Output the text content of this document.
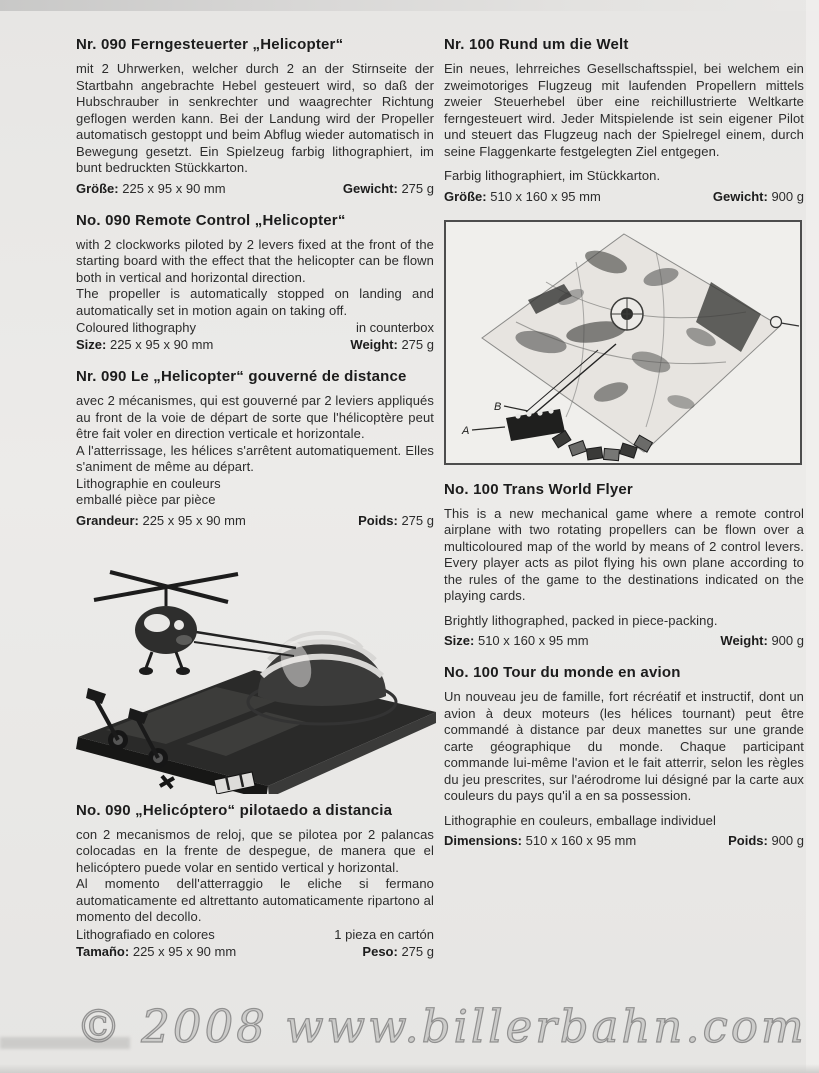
Nr. 090 Ferngesteuerter „Helicopter“

mit 2 Uhrwerken, welcher durch 2 an der Stirnseite der Startbahn angebrachte Hebel gesteuert wird, so daß der Hubschrauber in senkrechter und waagrechter Richtung geflogen werden kann. Bei der Landung wird der Propeller automatisch gestoppt und beim Abflug wieder automatisch in Bewegung gesetzt. Ein Spielzeug farbig lithographiert, im bunt bedruckten Stückkarton.

Größe: 225 x 95 x 90 mm	Gewicht: 275 g
No. 090 Remote Control „Helicopter“

with 2 clockworks piloted by 2 levers fixed at the front of the starting board with the effect that the helicopter can be flown both in vertical and horizontal direction.

The propeller is automatically stopped on landing and automatically set in motion again on taking off.

Coloured lithography	in counterbox
Size: 225 x 95 x 90 mm	Weight: 275 g
Nr. 090 Le „Helicopter“ gouverné de distance

avec 2 mécanismes, qui est gouverné par 2 leviers appliqués au front de la voie de départ de sorte que l'hélicoptère peut être fait voler en direction verticale et horizontale.

A l'atterrissage, les hélices s'arrêtent automatiquement. Elles s'animent de même au départ.

Lithographie en couleurs

emballé pièce par pièce

Grandeur: 225 x 95 x 90 mm	Poids: 275 g
No. 090 „Helicóptero“ pilotaedo a distancia

con 2 mecanismos de reloj, que se pilotea por 2 palancas colocadas en la frente de despegue, de manera que el helicóptero puede volar en sentido vertical y horizontal.

Al momento dell'atterraggio le eliche si fermano automaticamente ed altrettanto automaticamente ripartono al momento del decollo.

Lithografiado en colores	1 pieza en cartón
Tamaño: 225 x 95 x 90 mm	Peso: 275 g
Nr. 100 Rund um die Welt

Ein neues, lehrreiches Gesellschaftsspiel, bei welchem ein zweimotoriges Flugzeug mit laufenden Propellern mittels zweier Steuerhebel über eine reichillustrierte Weltkarte ferngesteuert wird. Jeder Mitspielende ist sein eigener Pilot und steuert das Flugzeug nach der Spielregel einem, durch seine Flaggenkarte festgelegten Ziel entgegen.

Farbig lithographiert, im Stückkarton.

Größe: 510 x 160 x 95 mm	Gewicht: 900 g
A
B
No. 100 Trans World Flyer

This is a new mechanical game where a remote control airplane with two rotating propellers can be flown over a multicoloured map of the world by means of 2 control levers. Every player acts as pilot flying his own plane according to the rules of the game to the destinations indicated on the playing cards.

Brightly lithographed, packed in piece-packing.

Size: 510 x 160 x 95 mm	Weight: 900 g
No. 100 Tour du monde en avion

Un nouveau jeu de famille, fort récréatif et instructif, dont un avion à deux moteurs (les hélices tournant) peut être commandé à distance par deux manettes sur une grande carte géographique du monde. Chaque participant commande lui-même l'avion et le fait atterrir, selon les règles du jeu prescrites, sur l'aérodrome lui désigné par la carte aux couleurs du pays qu'il a en sa possession.

Lithographie en couleurs, emballage individuel

Dimensions: 510 x 160 x 95 mm	Poids: 900 g
© 2008 www.billerbahn.com
